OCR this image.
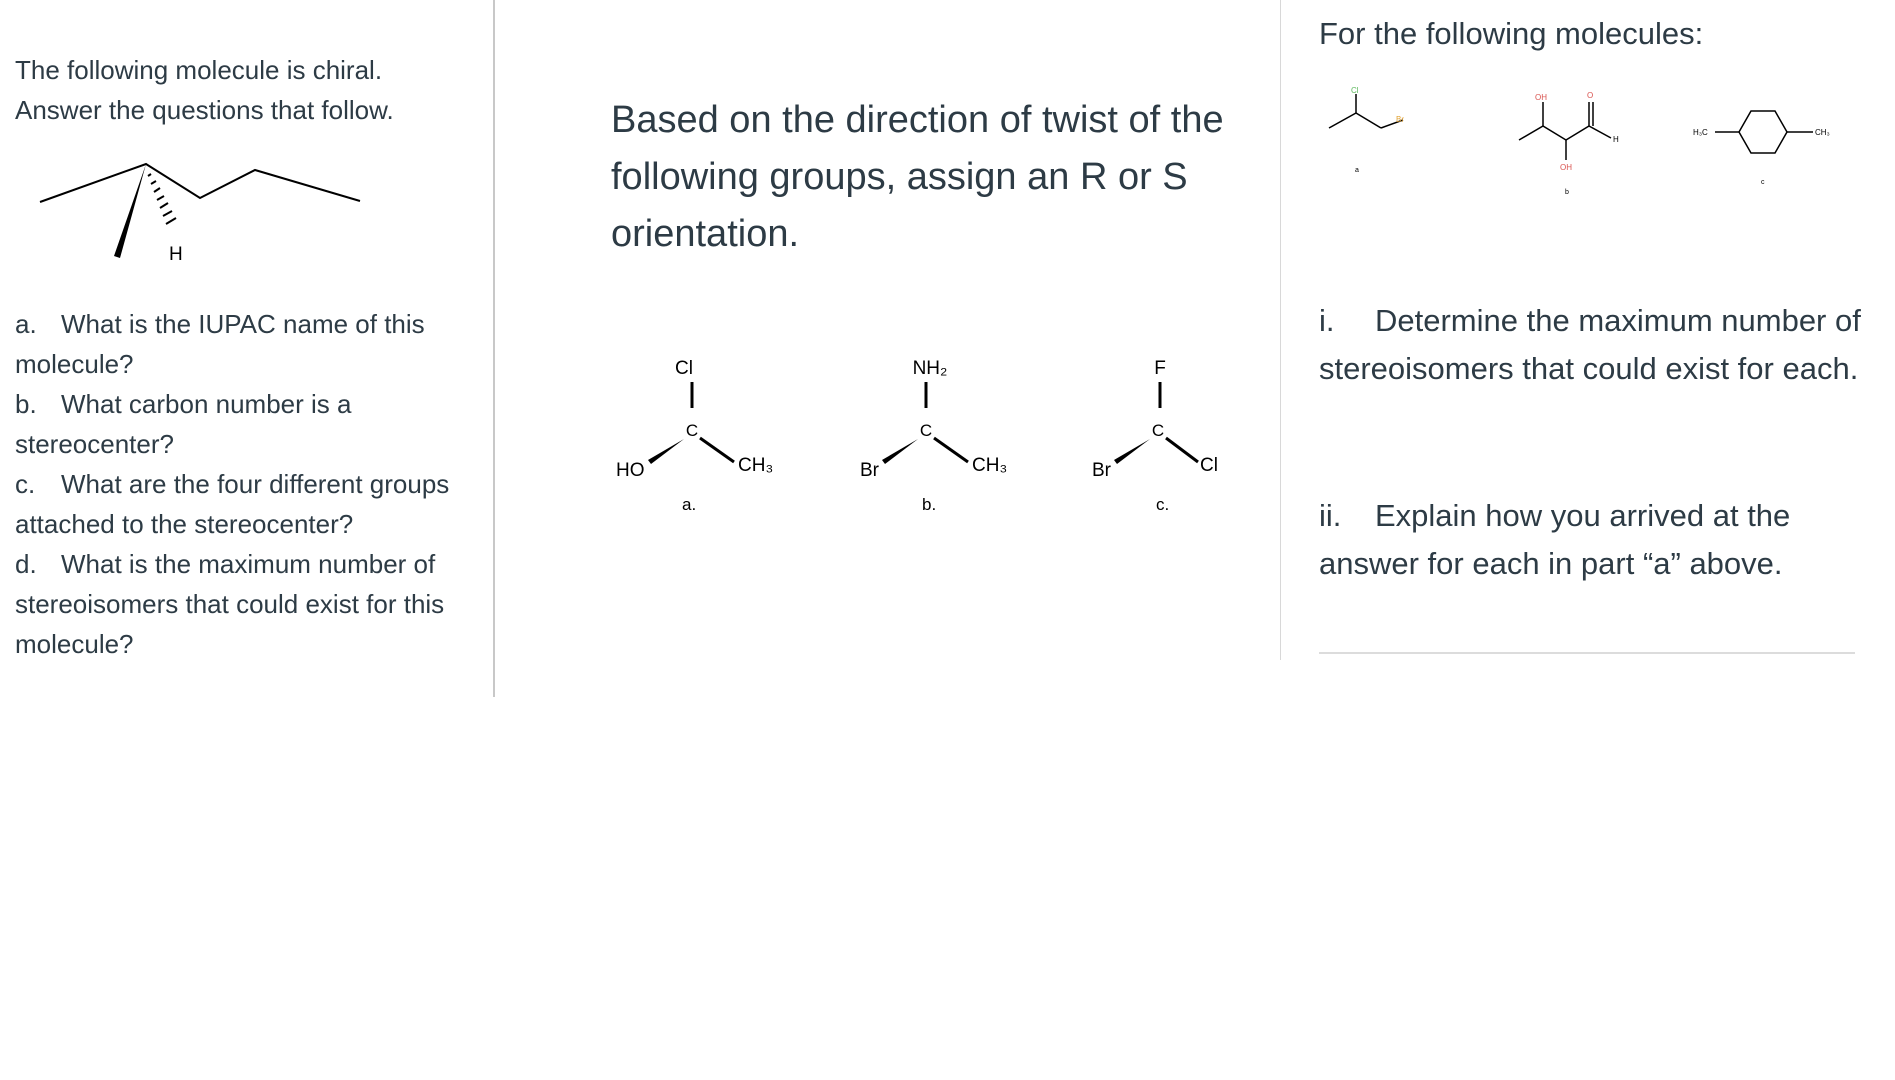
The following molecule is chiral.

Answer the questions that follow.

H
a. What is the IUPAC name of this molecule?
b. What carbon number is a stereocenter?
c. What are the four different groups attached to the stereocenter?
d. What is the maximum number of stereoisomers that could exist for this molecule?
Based on the direction of twist of the following groups, assign an R or S orientation.
Cl
C
HO	CH₃
a.
NH₂
C
Br	CH₃
b.
F
C
Br	Cl
c.

For the following molecules:

Cl
Br
a
OH	O
H
OH
b
H₃C	CH₃
c
i. Determine the maximum number of stereoisomers that could exist for each.
ii. Explain how you arrived at the answer for each in part “a” above.
